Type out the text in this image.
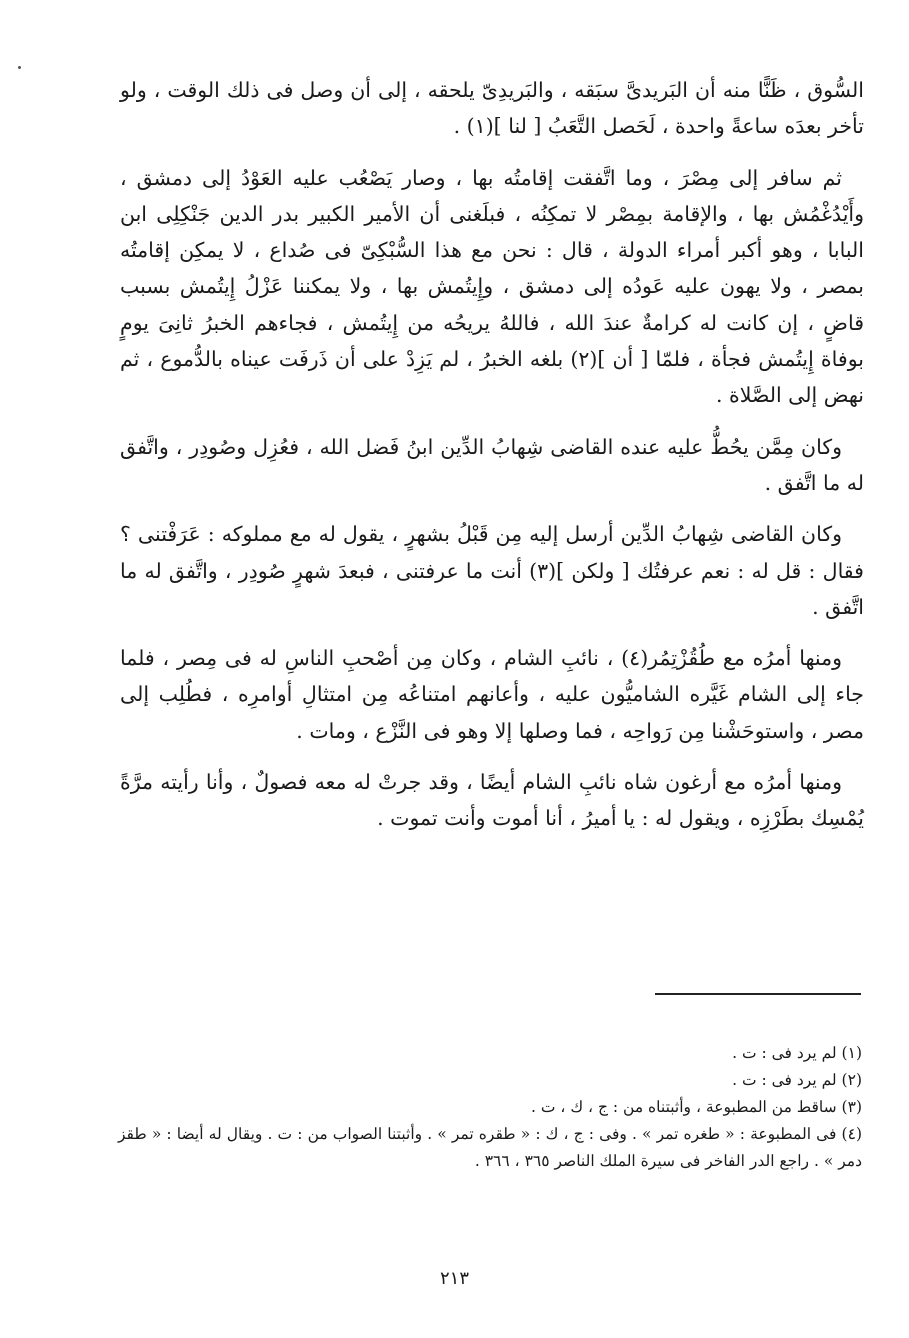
السُّوق ، ظَنًّا منه أن البَريدىَّ سبَقه ، والبَريدِىّ يلحقه ، إلى أن وصل فى ذلك الوقت ، ولو تأخر بعدَه ساعةً واحدة ، لَحَصل التَّعَبُ [ لنا ](١) .

ثم سافر إلى مِصْرَ ، وما اتَّفقت إقامتُه بها ، وصار يَصْعُب عليه العَوْدُ إلى دمشق ، وأَيْدُغْمُش بها ، والإقامة بمِصْر لا تمكِنُه ، فبلَغنى أن الأمير الكبير بدر الدين جَنْكِلِى ابن البابا ، وهو أكبر أمراء الدولة ، قال : نحن مع هذا السُّبْكِىّ فى صُداع ، لا يمكِن إقامتُه بمصر ، ولا يهون عليه عَودُه إلى دمشق ، وإِيتُمش بها ، ولا يمكننا عَزْلُ إِيتُمش بسبب قاضٍ ، إن كانت له كرامةٌ عندَ الله ، فاللهُ يريحُه من إِيتُمش ، فجاءهم الخبرُ ثانِىَ يومٍ بوفاة إِيتُمش فجأة ، فلمّا [ أن ](٢) بلغه الخبرُ ، لم يَزِدْ على أن ذَرفَت عيناه بالدُّموع ، ثم نهض إلى الصَّلاة .

وكان مِمَّن يحُطُّ عليه عنده القاضى شِهابُ الدِّين ابنُ فَضل الله ، فعُزِل وصُودِر ، واتَّفق له ما اتَّفق .

وكان القاضى شِهابُ الدِّين أرسل إليه مِن قَبْلُ بشهرٍ ، يقول له مع مملوكه : عَرَفْتنى ؟ فقال : قل له : نعم عرفتُك [ ولكن ](٣) أنت ما عرفتنى ، فبعدَ شهرٍ صُودِر ، واتَّفق له ما اتَّفق .

ومنها أمرُه مع طُقُزْتِمُر(٤) ، نائبِ الشام ، وكان مِن أصْحبِ الناسِ له فى مِصر ، فلما جاء إلى الشام غَيَّره الشاميُّون عليه ، وأعانهم امتناعُه مِن امتثالِ أوامرِه ، فطُلِب إلى مصر ، واستوحَشْنا مِن رَواحِه ، فما وصلها إلا وهو فى النَّزْع ، ومات .

ومنها أمرُه مع أرغون شاه نائبِ الشام أيضًا ، وقد جرتْ له معه فصولٌ ، وأنا رأيته مرَّةً يُمْسِك بطَرْزِه ، ويقول له : يا أميرُ ، أنا أموت وأنت تموت .

(١) لم يرد فى : ت .

(٢) لم يرد فى : ت .

(٣) ساقط من المطبوعة ، وأثبتناه من : ج ، ك ، ت .

(٤) فى المطبوعة : « طغره تمر » . وفى : ج ، ك : « طقره تمر » . وأثبتنا الصواب من : ت . ويقال له أيضا : « طقز دمر » . راجع الدر الفاخر فى سيرة الملك الناصر ٣٦٥ ، ٣٦٦ .

٢١٣
